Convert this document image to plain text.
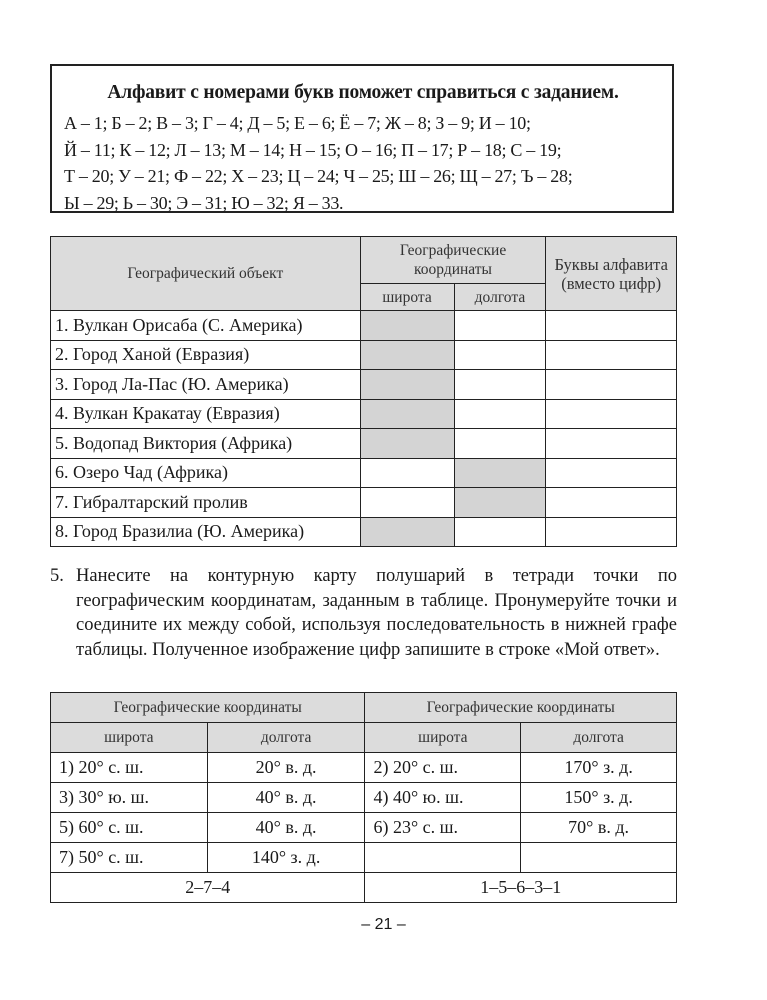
Алфавит с номерами букв поможет справиться с заданием.
А – 1; Б – 2; В – 3; Г – 4; Д – 5; Е – 6; Ё – 7; Ж – 8; З – 9; И – 10;
Й – 11; К – 12; Л – 13; М – 14; Н – 15; О – 16; П – 17; Р – 18; С – 19;
Т – 20; У – 21; Ф – 22; Х – 23; Ц – 24; Ч – 25; Ш – 26; Щ – 27; Ъ – 28;
Ы – 29; Ь – 30; Э – 31; Ю – 32; Я – 33.
Географический объект	Географические координаты		Буквы алфавита (вместо цифр)
	широта	долгота	
1. Вулкан Орисаба (С. Америка)			
2. Город Ханой (Евразия)			
3. Город Ла-Пас (Ю. Америка)			
4. Вулкан Кракатау (Евразия)			
5. Водопад Виктория (Африка)			
6. Озеро Чад (Африка)			
7. Гибралтарский пролив			
8. Город Бразилиа (Ю. Америка)			
5. Нанесите на контурную карту полушарий в тетради точки по географическим координатам, заданным в таблице. Пронумеруйте точки и соедините их между собой, используя последовательность в нижней графе таблицы. Полученное изображение цифр запишите в строке «Мой ответ».
Географические координаты		Географические координаты	
широта	долгота	широта	долгота
1) 20° с. ш.	20° в. д.	2) 20° с. ш.	170° з. д.
3) 30° ю. ш.	40° в. д.	4) 40° ю. ш.	150° з. д.
5) 60° с. ш.	40° в. д.	6) 23° с. ш.	70° в. д.
7) 50° с. ш.	140° з. д.		
2–7–4		1–5–6–3–1	
– 21 –
